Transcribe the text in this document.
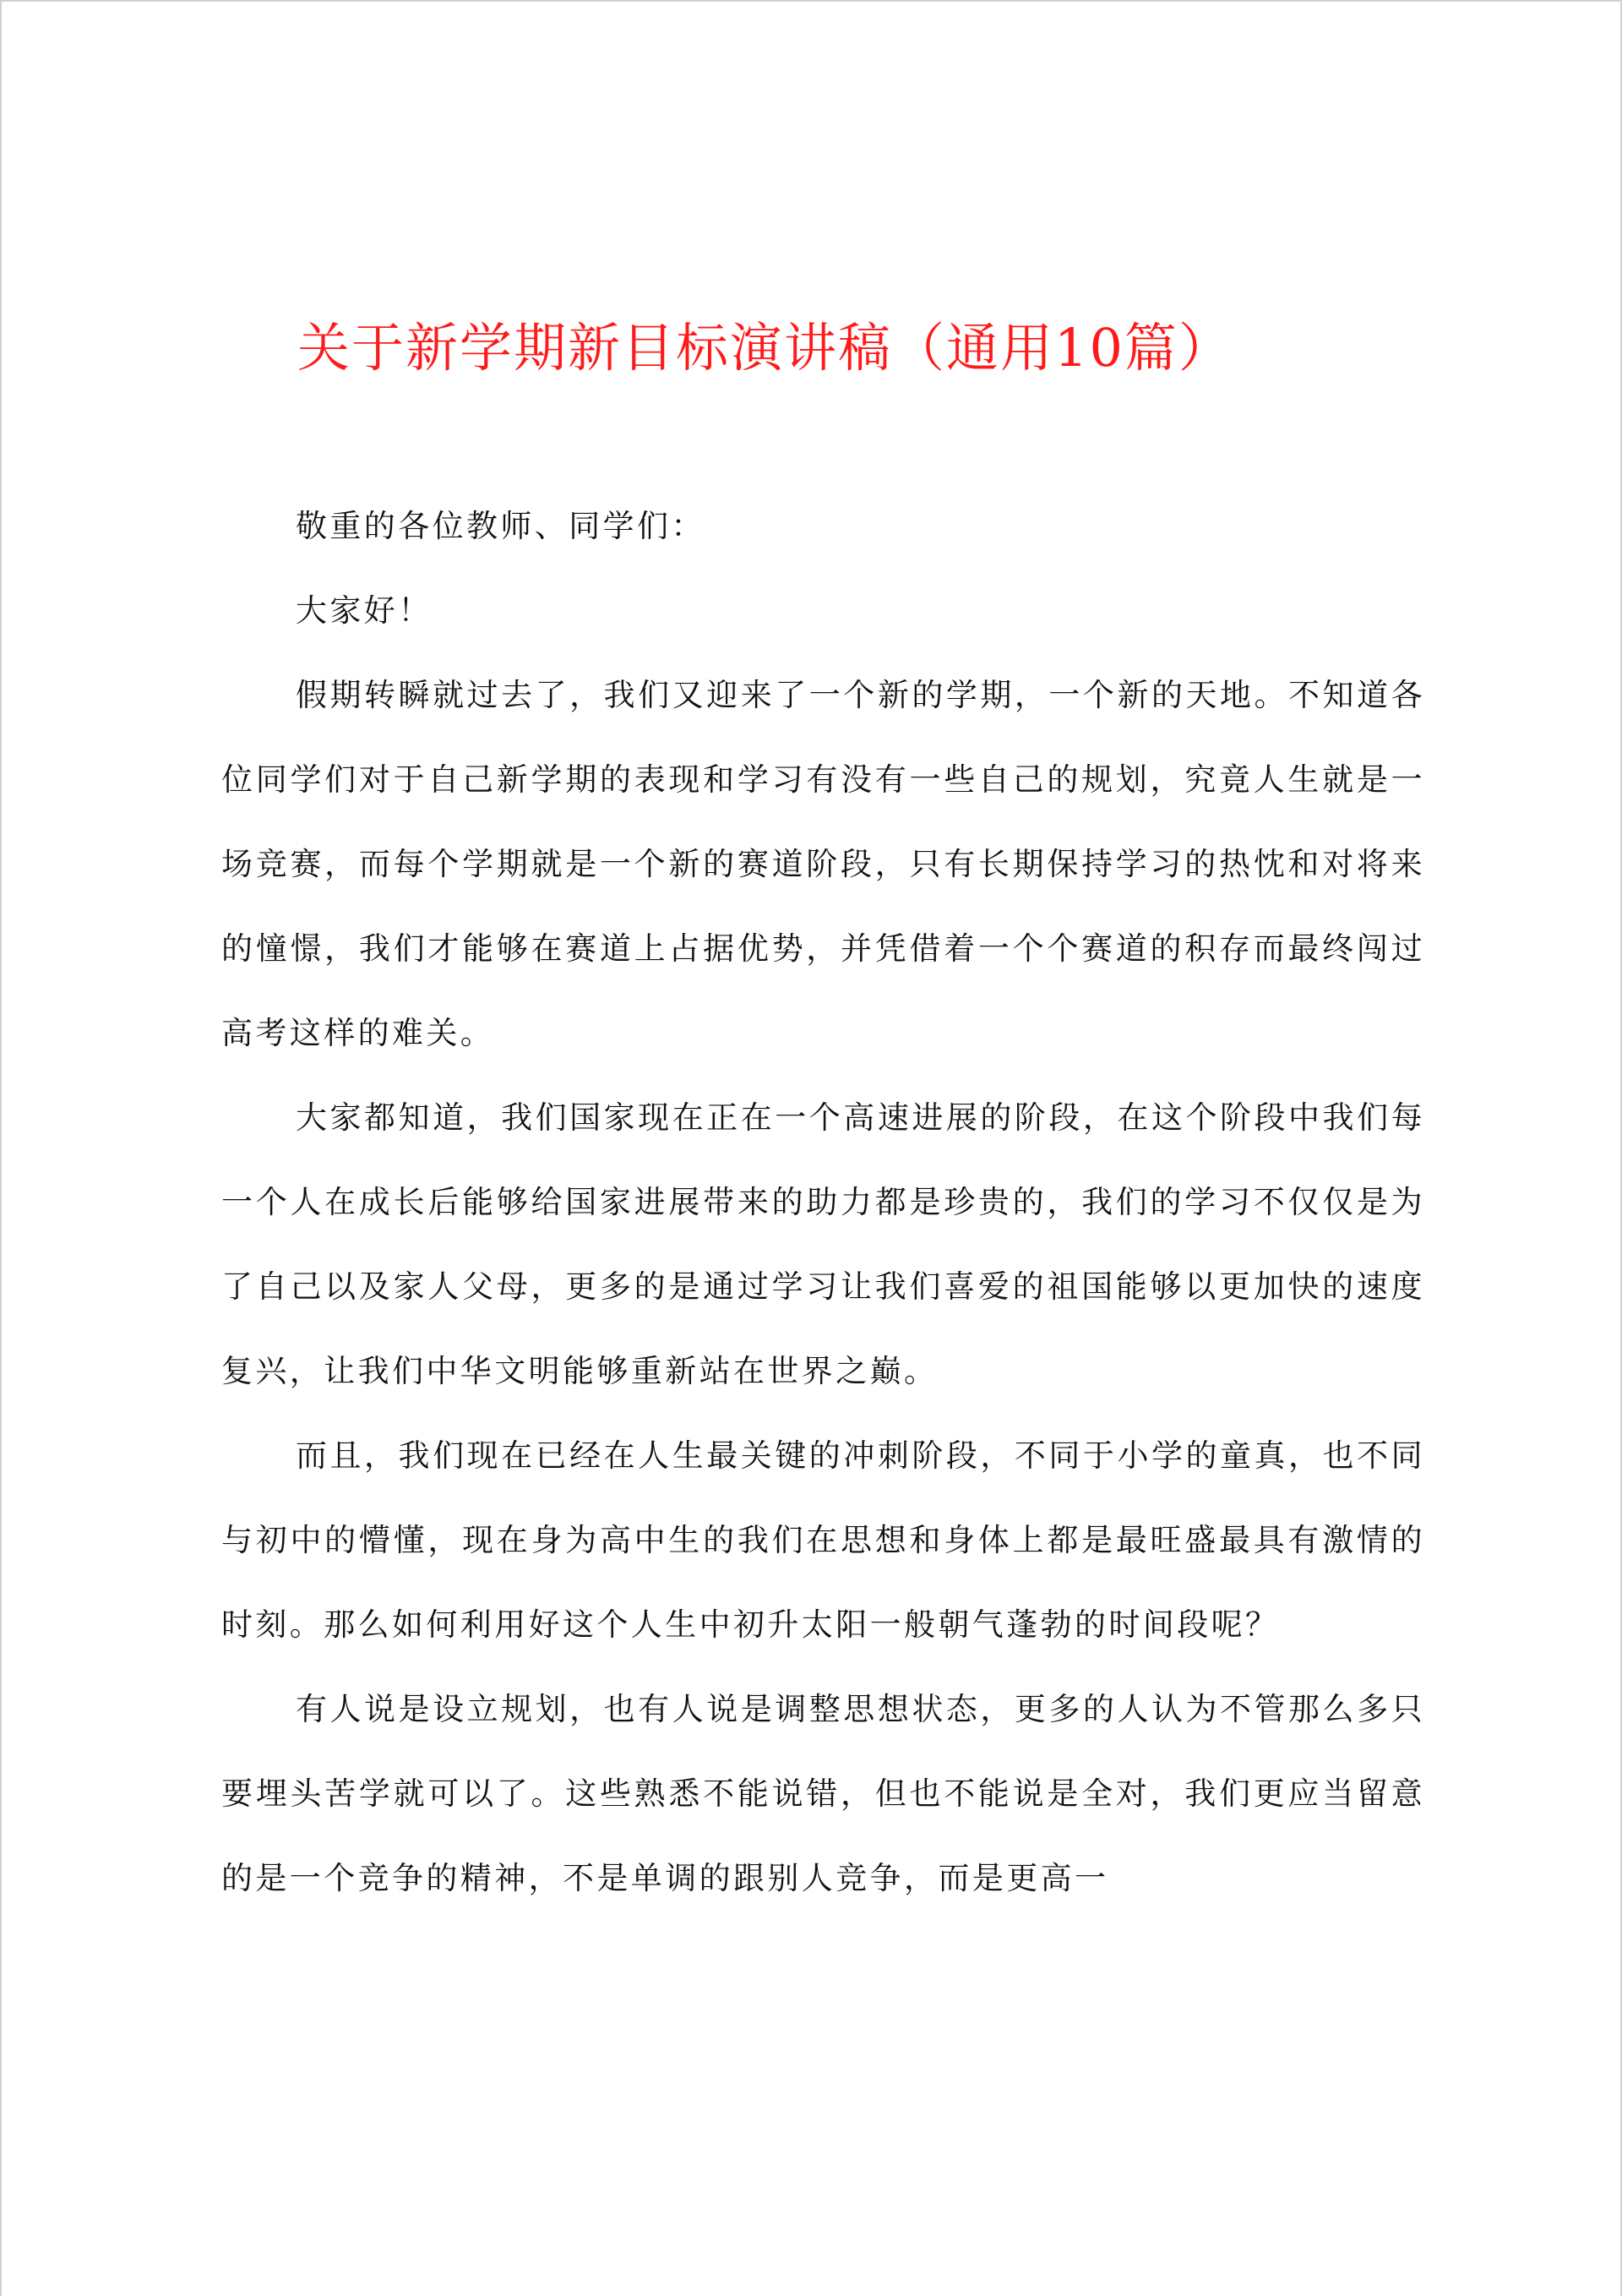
关于新学期新目标演讲稿（通用10篇）

敬重的各位教师、同学们：

大家好！

假期转瞬就过去了，我们又迎来了一个新的学期，一个新的天地。不知道各位同学们对于自己新学期的表现和学习有没有一些自己的规划，究竟人生就是一场竞赛，而每个学期就是一个新的赛道阶段，只有长期保持学习的热忱和对将来的憧憬，我们才能够在赛道上占据优势，并凭借着一个个赛道的积存而最终闯过高考这样的难关。

大家都知道，我们国家现在正在一个高速进展的阶段，在这个阶段中我们每一个人在成长后能够给国家进展带来的助力都是珍贵的，我们的学习不仅仅是为了自己以及家人父母，更多的是通过学习让我们喜爱的祖国能够以更加快的速度复兴，让我们中华文明能够重新站在世界之巅。

而且，我们现在已经在人生最关键的冲刺阶段，不同于小学的童真，也不同与初中的懵懂，现在身为高中生的我们在思想和身体上都是最旺盛最具有激情的时刻。那么如何利用好这个人生中初升太阳一般朝气蓬勃的时间段呢？

有人说是设立规划，也有人说是调整思想状态，更多的人认为不管那么多只要埋头苦学就可以了。这些熟悉不能说错，但也不能说是全对，我们更应当留意的是一个竞争的精神，不是单调的跟别人竞争，而是更高一
